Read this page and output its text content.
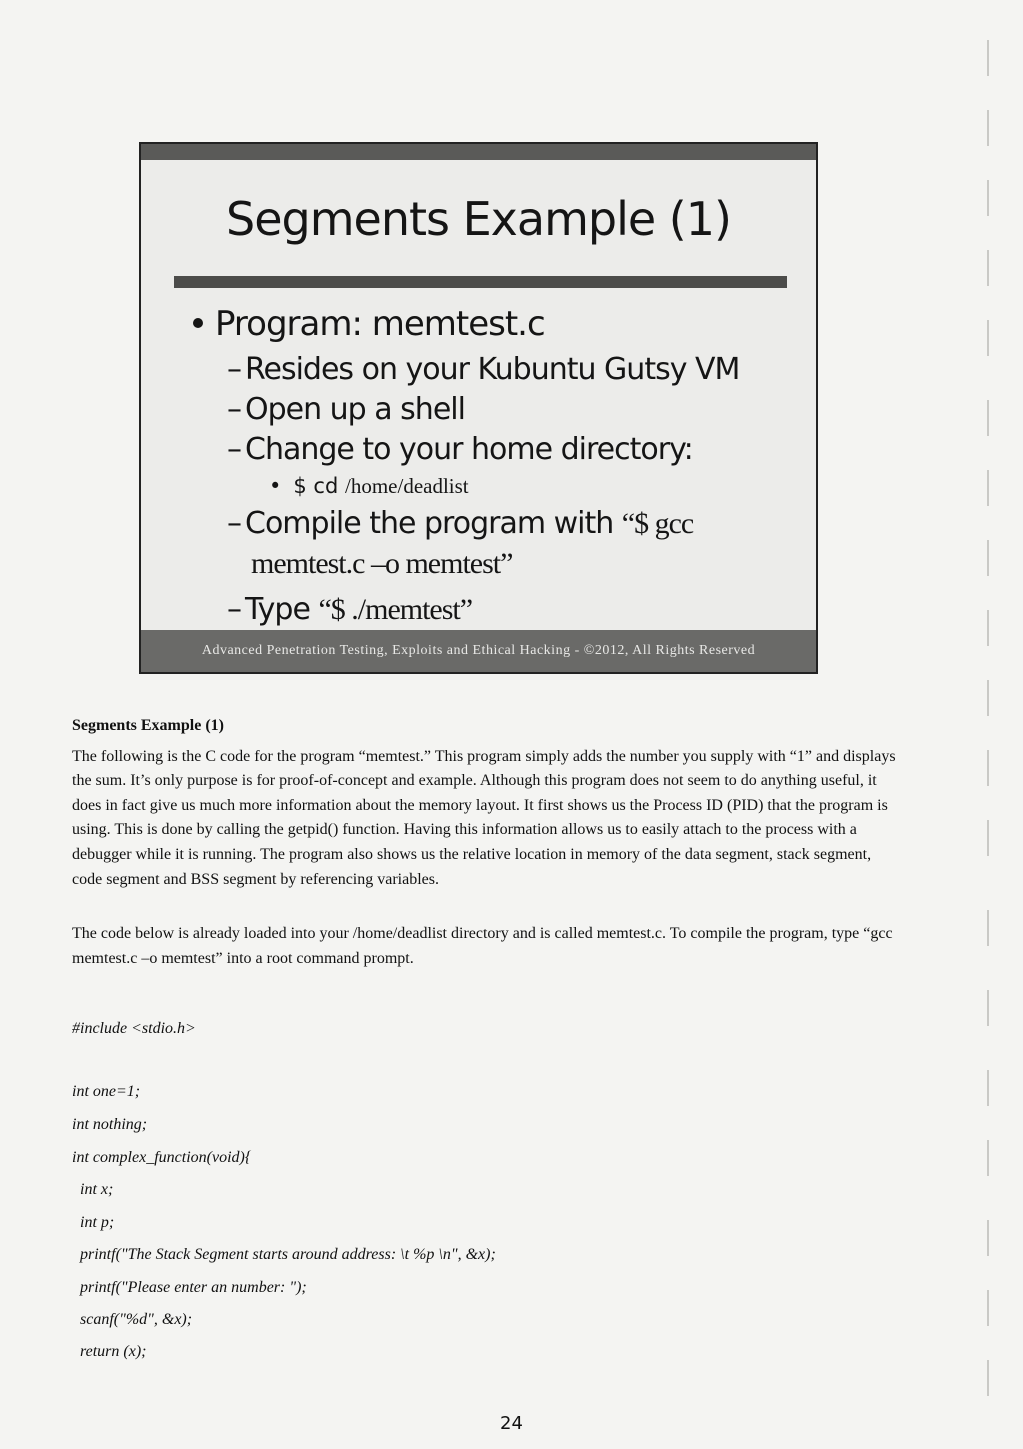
Segments Example (1)
Program: memtest.c
– Resides on your Kubuntu Gutsy VM
– Open up a shell
– Change to your home directory:
• $ cd /home/deadlist
– Compile the program with “$ gcc
memtest.c –o memtest”
– Type “$ ./memtest”
Advanced Penetration Testing, Exploits and Ethical Hacking - ©2012, All Rights Reserved
Segments Example (1)

The following is the C code for the program “memtest.” This program simply adds the number you supply with “1” and displays the sum. It’s only purpose is for proof-of-concept and example. Although this program does not seem to do anything useful, it does in fact give us much more information about the memory layout. It first shows us the Process ID (PID) that the program is using. This is done by calling the getpid() function. Having this information allows us to easily attach to the process with a debugger while it is running. The program also shows us the relative location in memory of the data segment, stack segment, code segment and BSS segment by referencing variables.

The code below is already loaded into your /home/deadlist directory and is called memtest.c. To compile the program, type “gcc memtest.c –o memtest” into a root command prompt.

#include <stdio.h>
int one=1;
int nothing;
int complex_function(void){
int x;
int p;
printf("The Stack Segment starts around address: \t %p \n", &x);
printf("Please enter an number: ");
scanf("%d", &x);
return (x);
24
